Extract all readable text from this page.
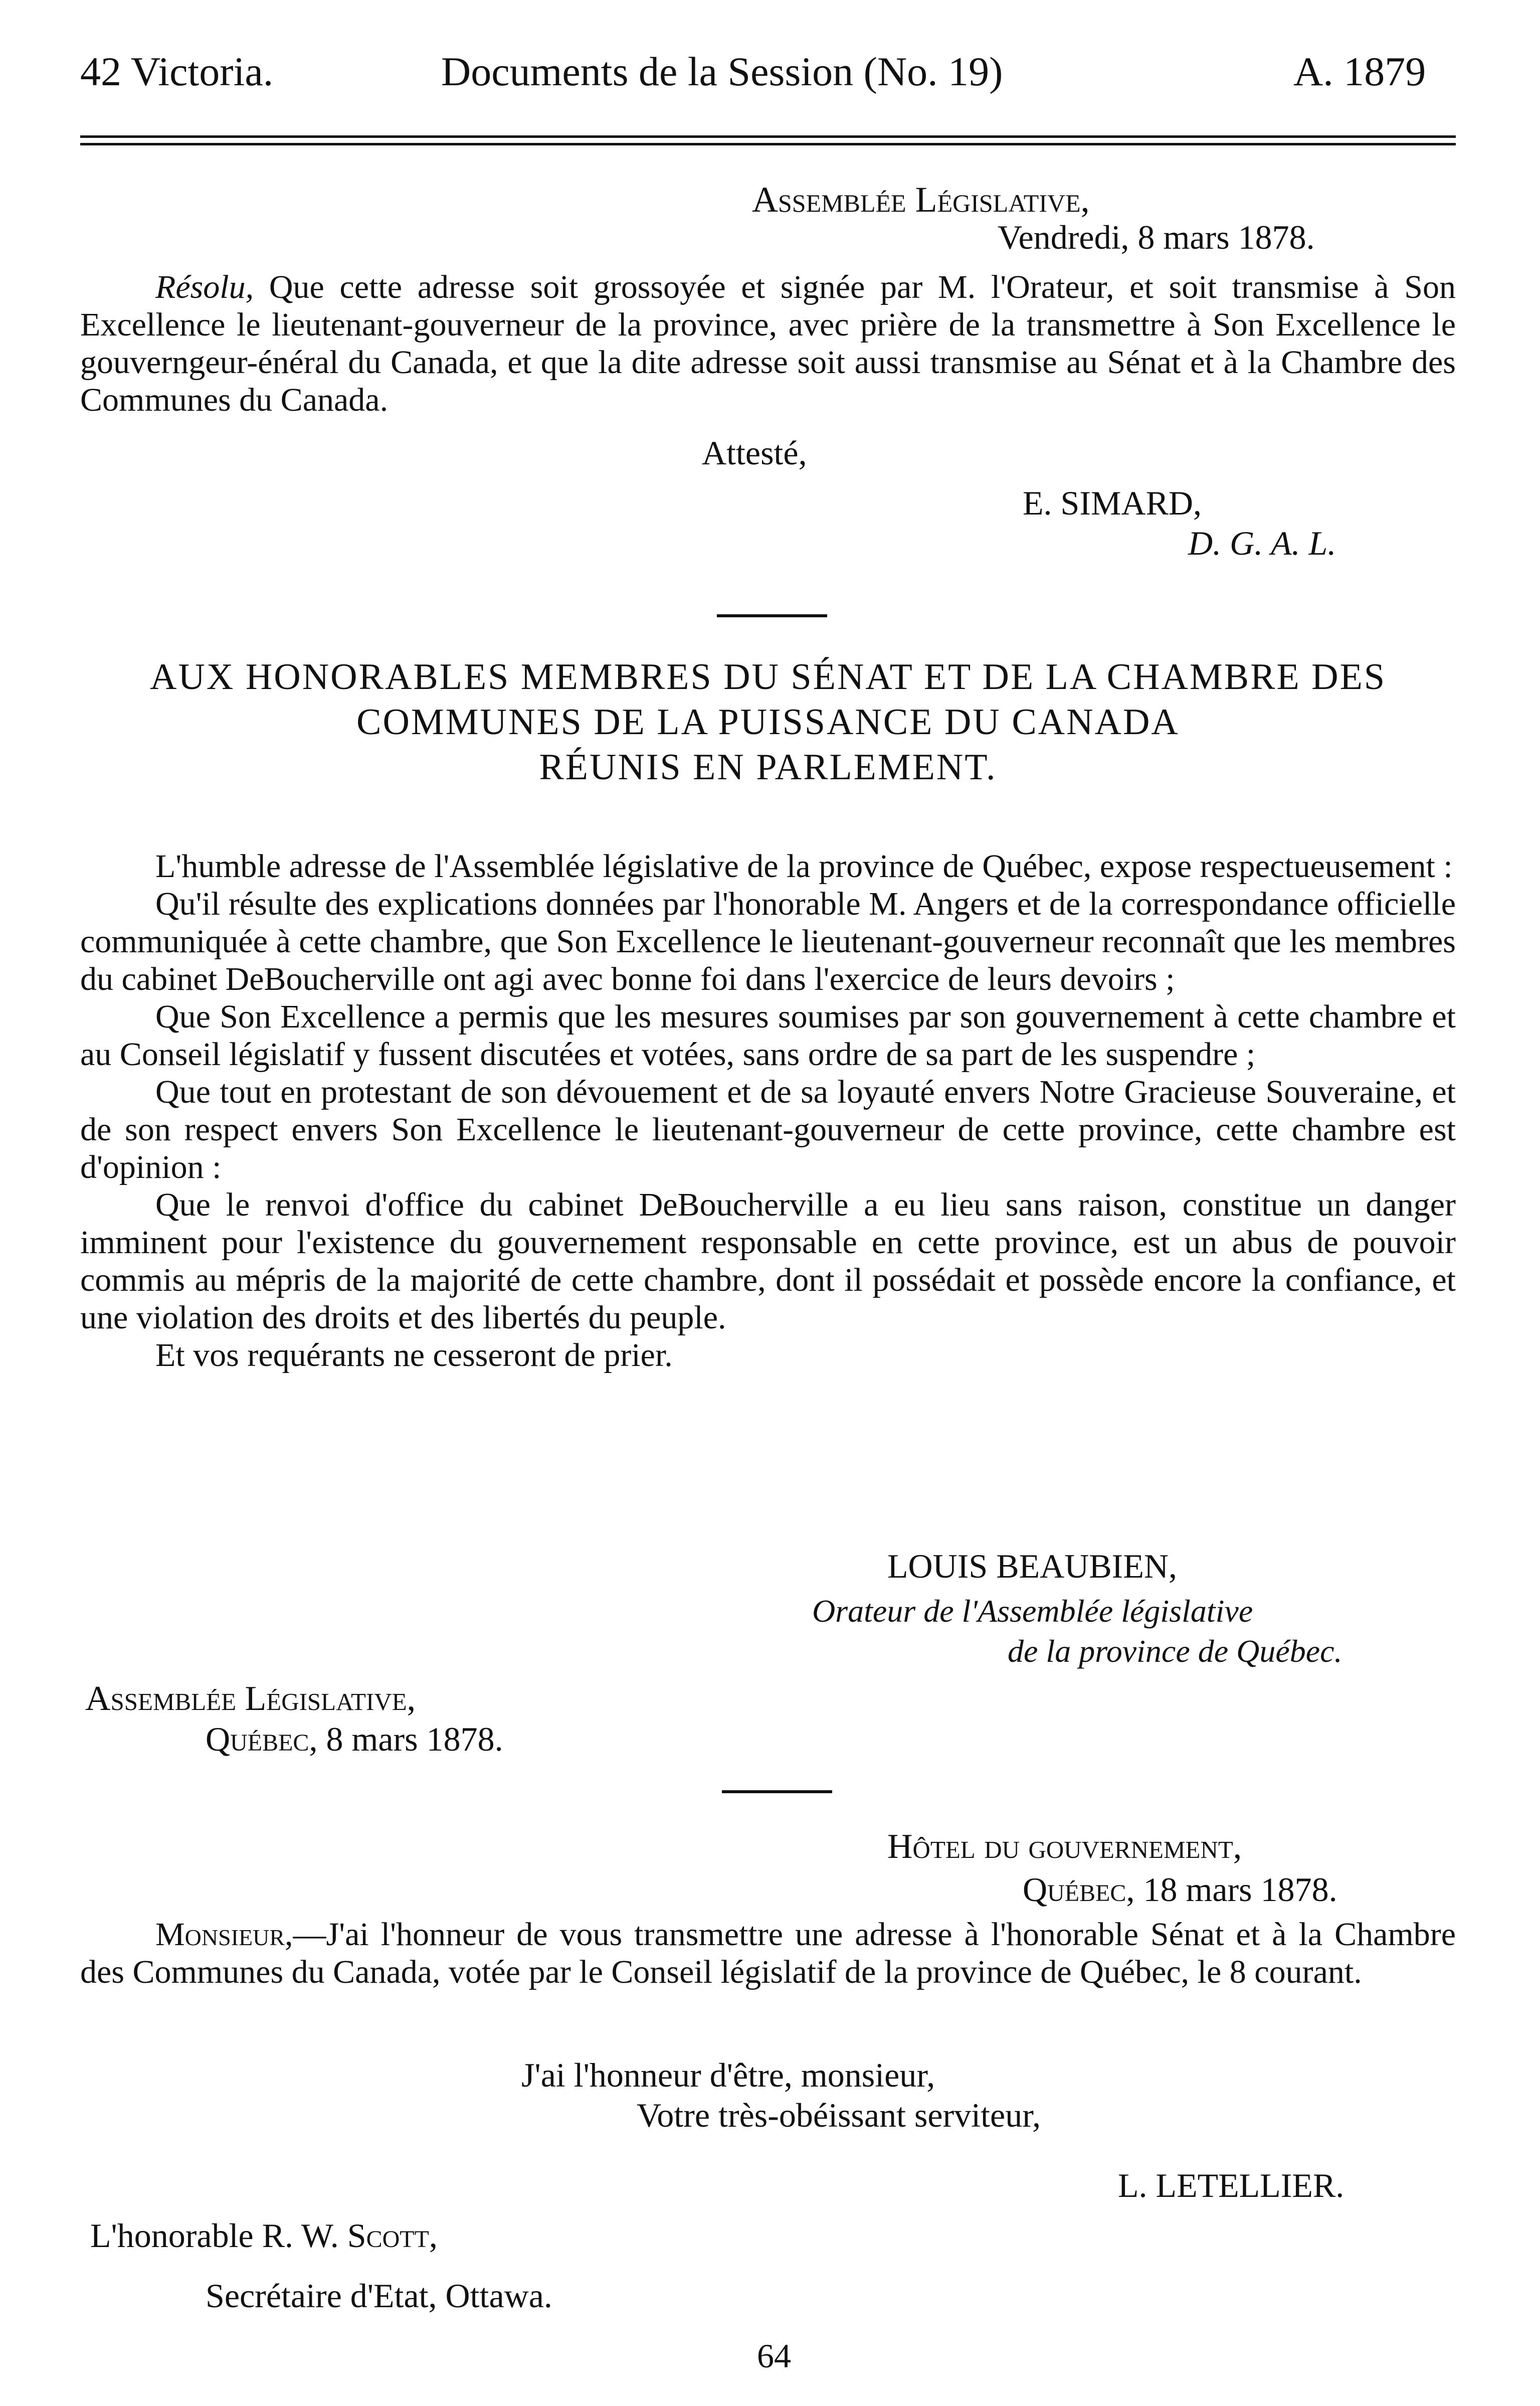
42 Victoria.	Documents de la Session (No. 19)	A. 1879
Assemblée Législative,
Vendredi, 8 mars 1878.

Résolu, Que cette adresse soit grossoyée et signée par M. l'Orateur, et soit transmise à Son Excellence le lieutenant-gouverneur de la province, avec prière de la transmettre à Son Excellence le gouverngeur-énéral du Canada, et que la dite adresse soit aussi transmise au Sénat et à la Chambre des Communes du Canada.

Attesté,
E. SIMARD,
D. G. A. L.
AUX HONORABLES MEMBRES DU SÉNAT ET DE LA CHAMBRE DES
COMMUNES DE LA PUISSANCE DU CANADA
RÉUNIS EN PARLEMENT.

L'humble adresse de l'Assemblée législative de la province de Québec, expose respectueusement :

Qu'il résulte des explications données par l'honorable M. Angers et de la correspondance officielle communiquée à cette chambre, que Son Excellence le lieutenant-gouverneur reconnaît que les membres du cabinet DeBoucherville ont agi avec bonne foi dans l'exercice de leurs devoirs ;

Que Son Excellence a permis que les mesures soumises par son gouvernement à cette chambre et au Conseil législatif y fussent discutées et votées, sans ordre de sa part de les suspendre ;

Que tout en protestant de son dévouement et de sa loyauté envers Notre Gracieuse Souveraine, et de son respect envers Son Excellence le lieutenant-gouverneur de cette province, cette chambre est d'opinion :

Que le renvoi d'office du cabinet DeBoucherville a eu lieu sans raison, constitue un danger imminent pour l'existence du gouvernement responsable en cette province, est un abus de pouvoir commis au mépris de la majorité de cette chambre, dont il possédait et possède encore la confiance, et une violation des droits et des libertés du peuple.

Et vos requérants ne cesseront de prier.

LOUIS BEAUBIEN,
Orateur de l'Assemblée législative
de la province de Québec.
Assemblée Législative,
Québec, 8 mars 1878.
Hôtel du gouvernement,
Québec, 18 mars 1878.

Monsieur,—J'ai l'honneur de vous transmettre une adresse à l'honorable Sénat et à la Chambre des Communes du Canada, votée par le Conseil législatif de la province de Québec, le 8 courant.

J'ai l'honneur d'être, monsieur,
Votre très-obéissant serviteur,
L. LETELLIER.
L'honorable R. W. Scott,
Secrétaire d'Etat, Ottawa.
64
